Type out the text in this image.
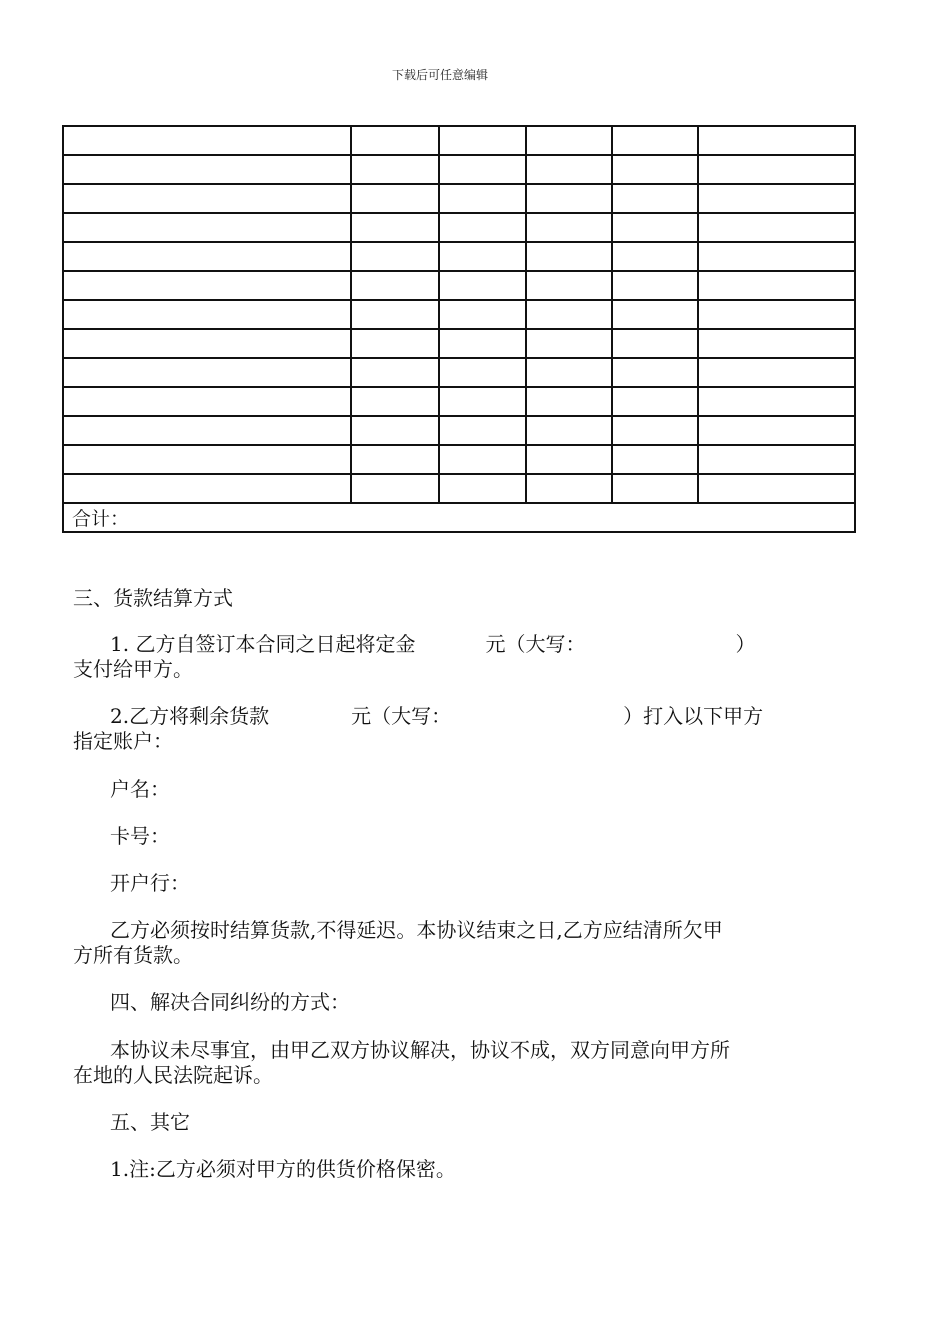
下载后可任意编辑

合计：					

三、货款结算方式

1. 乙方自签订本合同之日起将定金	元（大写：	）

支付给甲方。

2.乙方将剩余货款	元（大写：	）打入以下甲方

指定账户：

户名：

卡号：

开户行：

乙方必须按时结算货款,不得延迟。本协议结束之日,乙方应结清所欠甲

方所有货款。

四、解决合同纠纷的方式：

本协议未尽事宜，由甲乙双方协议解决，协议不成，双方同意向甲方所

在地的人民法院起诉。

五、其它

1.注:乙方必须对甲方的供货价格保密。
